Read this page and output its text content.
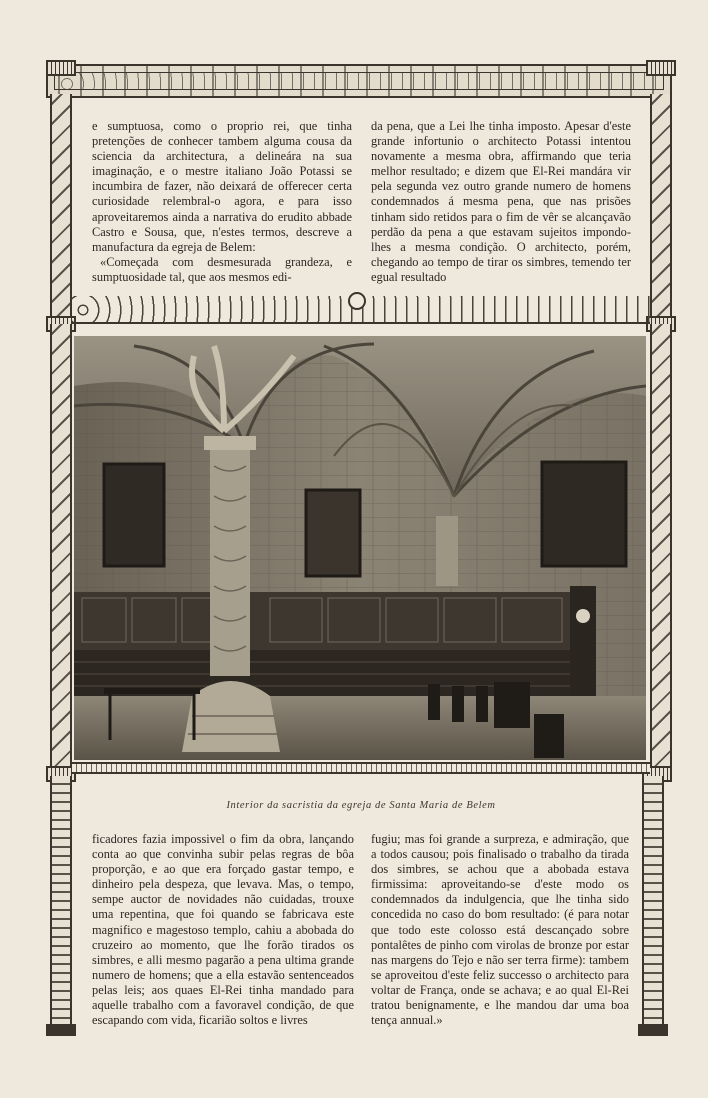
e sumptuosa, como o proprio rei, que tinha pretenções de conhecer tambem alguma cousa da sciencia da architectura, a delineára na sua imaginação, e o mestre italiano João Potassi se incumbira de fazer, não deixará de offerecer certa curiosidade relembral-o agora, e para isso aproveitaremos ainda a narrativa do erudito abbade Castro e Sousa, que, n'estes termos, descreve a manufactura da egreja de Belem:

«Começada com desmesurada grandeza, e sumptuosidade tal, que aos mesmos edi-

da pena, que a Lei lhe tinha imposto. Apesar d'este grande infortunio o architecto Potassi intentou novamente a mesma obra, affirmando que teria melhor resultado; e dizem que El-Rei mandára vir pela segunda vez outro grande numero de homens condemnados á mesma pena, que nas prisões tinham sido retidos para o fim de vêr se alcançavão perdão da pena a que estavam sujeitos impondo-lhes a mesma condição. O architecto, porém, chegando ao tempo de tirar os simbres, temendo ter egual resultado

Interior da sacristia da egreja de Santa Maria de Belem

ficadores fazia impossivel o fim da obra, lançando conta ao que convinha subir pelas regras de bôa proporção, e ao que era forçado gastar tempo, e dinheiro pela despeza, que levava. Mas, o tempo, sempe auctor de novidades não cuidadas, trouxe uma repentina, que foi quando se fabricava este magnifico e magestoso templo, cahiu a abobada do cruzeiro ao momento, que lhe forão tirados os simbres, e alli mesmo pagarão a pena ultima grande numero de homens; que a ella estavão sentenceados pelas leis; aos quaes El-Rei tinha mandado para aquelle trabalho com a favoravel condição, de que escapando com vida, ficarião soltos e livres

fugiu; mas foi grande a surpreza, e admiração, que a todos causou; pois finalisado o trabalho da tirada dos simbres, se achou que a abobada estava firmissima: aproveitando-se d'este modo os condemnados da indulgencia, que lhe tinha sido concedida no caso do bom resultado: (é para notar que todo este colosso está descançado sobre pontalêtes de pinho com virolas de bronze por estar nas margens do Tejo e não ser terra firme): tambem se aproveitou d'este feliz successo o architecto para voltar de França, onde se achava; e ao qual El-Rei tratou benignamente, e lhe mandou dar uma boa tença annual.»
